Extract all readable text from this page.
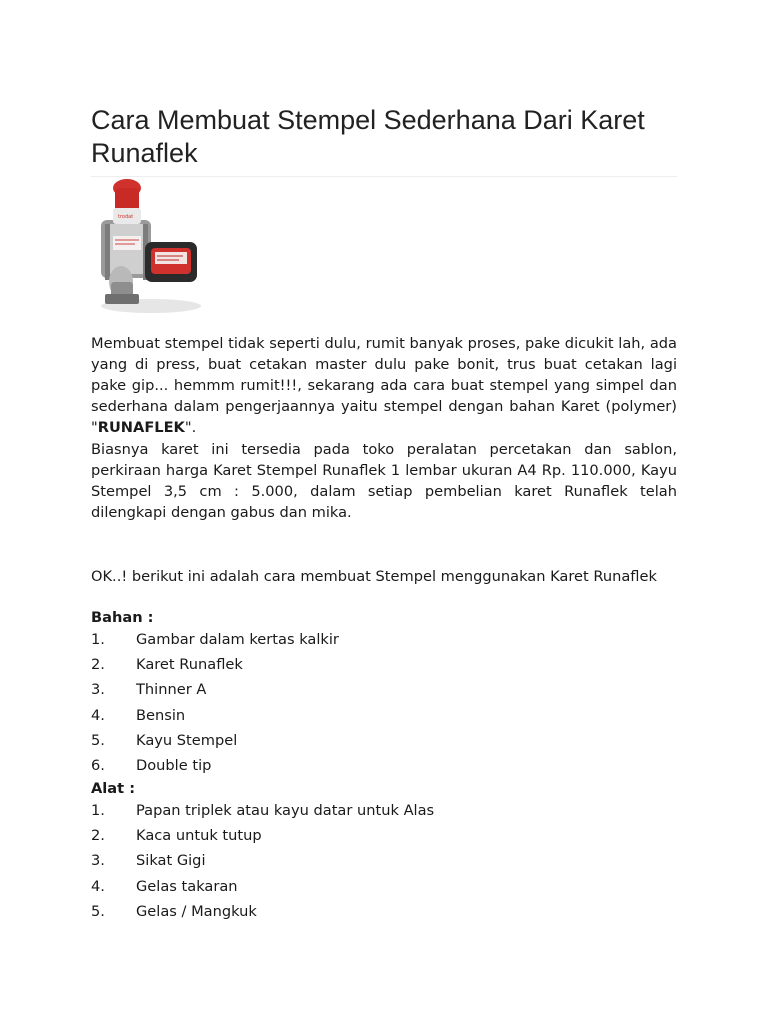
Cara Membuat Stempel Sederhana Dari Karet Runaflek
trodat

Membuat stempel tidak seperti dulu, rumit banyak proses, pake dicukit lah, ada yang di press, buat cetakan master dulu pake bonit, trus buat cetakan lagi pake gip... hemmm rumit!!!, sekarang ada cara buat stempel yang simpel dan sederhana dalam pengerjaannya yaitu stempel dengan bahan Karet (polymer) "RUNAFLEK".

Biasnya karet ini tersedia pada toko peralatan percetakan dan sablon, perkiraan harga Karet Stempel Runaflek 1 lembar ukuran A4 Rp. 110.000, Kayu Stempel 3,5 cm : 5.000, dalam setiap pembelian karet Runaflek telah dilengkapi dengan gabus dan mika.

OK..! berikut ini adalah cara membuat Stempel menggunakan Karet Runaflek

Bahan :
1. Gambar dalam kertas kalkir
2. Karet Runaflek
3. Thinner A
4. Bensin
5. Kayu Stempel
6. Double tip
Alat :
1. Papan triplek atau kayu datar untuk Alas
2. Kaca untuk tutup
3. Sikat Gigi
4. Gelas takaran
5. Gelas / Mangkuk
